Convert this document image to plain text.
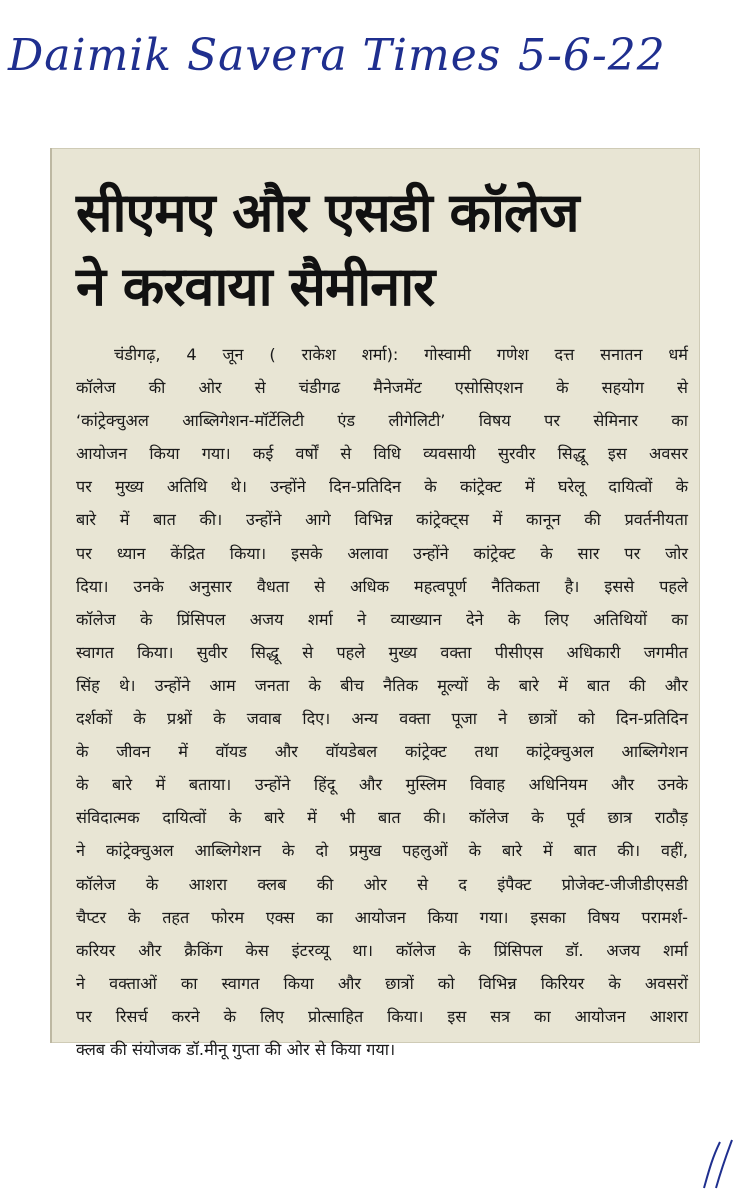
Daimik Savera Times 5-6-22
सीएमए और एसडी कॉलेज
ने करवाया सैमीनार
चंडीगढ़, 4 जून ( राकेश शर्मा): गोस्वामी गणेश दत्त सनातन धर्म
कॉलेज की ओर से चंडीगढ मैनेजमेंट एसोसिएशन के सहयोग से
‘कांट्रेक्चुअल आब्लिगेशन-मॉर्टेलिटी एंड लीगेलिटी’ विषय पर सेमिनार का
आयोजन किया गया। कई वर्षों से विधि व्यवसायी सुरवीर सिद्धू इस अवसर
पर मुख्य अतिथि थे। उन्होंने दिन-प्रतिदिन के कांट्रेक्ट में घरेलू दायित्वों के
बारे में बात की। उन्होंने आगे विभिन्न कांट्रेक्ट्स में कानून की प्रवर्तनीयता
पर ध्यान केंद्रित किया। इसके अलावा उन्होंने कांट्रेक्ट के सार पर जोर
दिया। उनके अनुसार वैधता से अधिक महत्वपूर्ण नैतिकता है। इससे पहले
कॉलेज के प्रिंसिपल अजय शर्मा ने व्याख्यान देने के लिए अतिथियों का
स्वागत किया। सुवीर सिद्धू से पहले मुख्य वक्ता पीसीएस अधिकारी जगमीत
सिंह थे। उन्होंने आम जनता के बीच नैतिक मूल्यों के बारे में बात की और
दर्शकों के प्रश्नों के जवाब दिए। अन्य वक्ता पूजा ने छात्रों को दिन-प्रतिदिन
के जीवन में वॉयड और वॉयडेबल कांट्रेक्ट तथा कांट्रेक्चुअल आब्लिगेशन
के बारे में बताया। उन्होंने हिंदू और मुस्लिम विवाह अधिनियम और उनके
संविदात्मक दायित्वों के बारे में भी बात की। कॉलेज के पूर्व छात्र राठौड़
ने कांट्रेक्चुअल आब्लिगेशन के दो प्रमुख पहलुओं के बारे में बात की। वहीं,
कॉलेज के आशरा क्लब की ओर से द इंपैक्ट प्रोजेक्ट-जीजीडीएसडी
चैप्टर के तहत फोरम एक्स का आयोजन किया गया। इसका विषय परामर्श-
करियर और क्रैकिंग केस इंटरव्यू था। कॉलेज के प्रिंसिपल डॉ. अजय शर्मा
ने वक्ताओं का स्वागत किया और छात्रों को विभिन्न किरियर के अवसरों
पर रिसर्च करने के लिए प्रोत्साहित किया। इस सत्र का आयोजन आशरा
क्लब की संयोजक डॉ.मीनू गुप्ता की ओर से किया गया।
